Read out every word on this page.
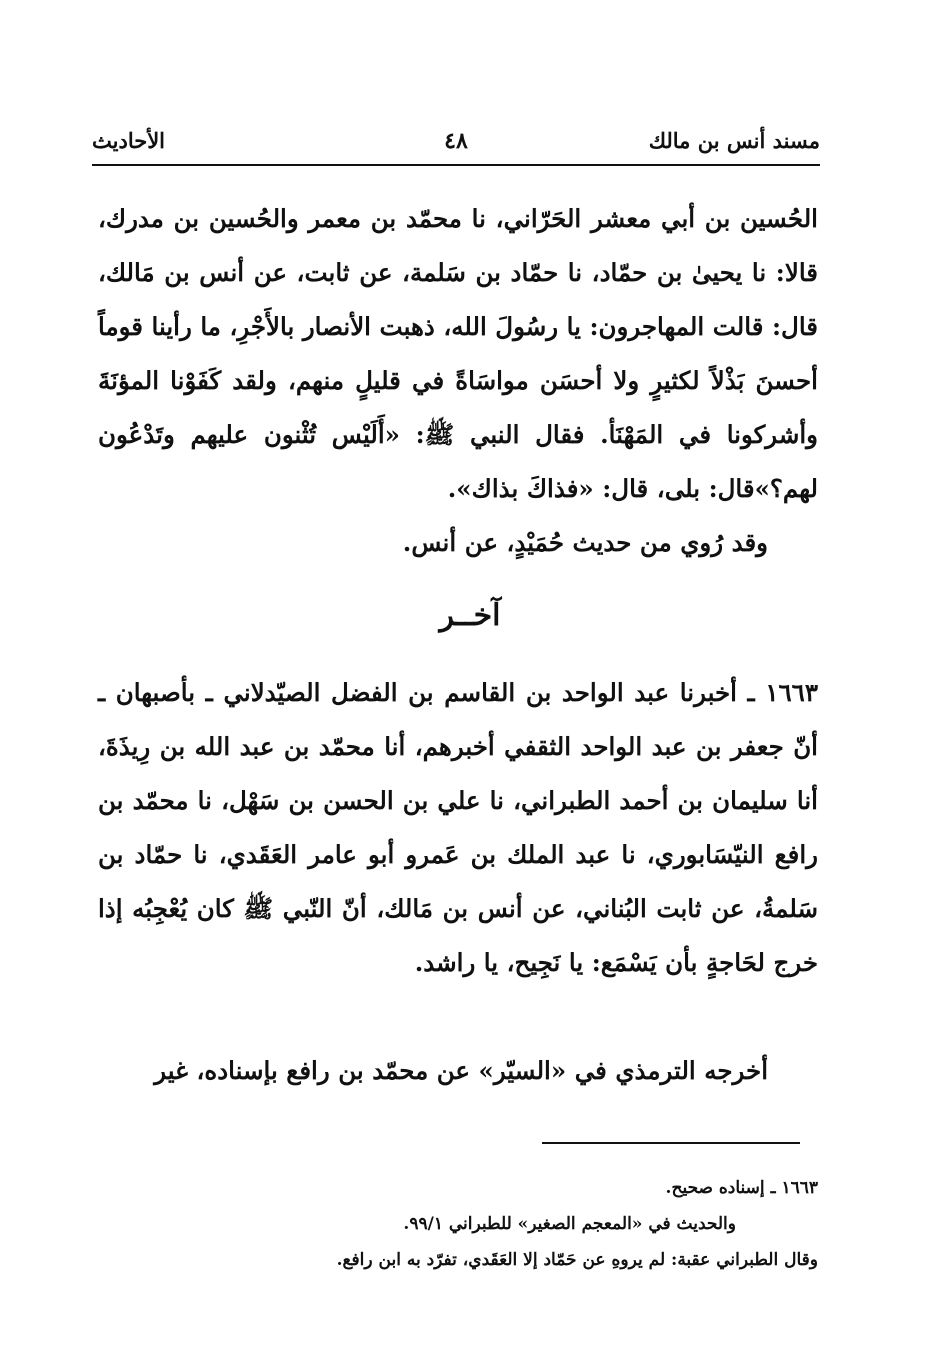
مسند أنس بن مالك
٤٨
الأحاديث

الحُسين بن أبي معشر الحَرّاني، نا محمّد بن معمر والحُسين بن مدرك، قالا: نا يحيىٰ بن حمّاد، نا حمّاد بن سَلمة، عن ثابت، عن أنس بن مَالك، قال: قالت المهاجرون: يا رسُولَ الله، ذهبت الأنصار بالأَجْرِ، ما رأينا قوماً أحسنَ بَذْلاً لكثيرٍ ولا أحسَن مواسَاةً في قليلٍ منهم، ولقد كَفَوْنا المؤنَةَ وأشركونا في المَهْنَأ. فقال النبي ﷺ: «أَلَيْس تُثْنون عليهم وتَدْعُون لهم؟»قال: بلى، قال: «فذاكَ بذاك».

وقد رُوي من حديث حُمَيْدٍ، عن أنس.

آخــر

١٦٦٣ ـ أخبرنا عبد الواحد بن القاسم بن الفضل الصيّدلاني ـ بأصبهان ـ أنّ جعفر بن عبد الواحد الثقفي أخبرهم، أنا محمّد بن عبد الله بن رِيذَةَ، أنا سليمان بن أحمد الطبراني، نا علي بن الحسن بن سَهْل، نا محمّد بن رافع النيّسَابوري، نا عبد الملك بن عَمرو أبو عامر العَقَدي، نا حمّاد بن سَلمةُ، عن ثابت البُناني، عن أنس بن مَالك، أنّ النّبي ﷺ كان يُعْجِبُه إذا خرج لحَاجةٍ بأن يَسْمَع: يا نَجِيح، يا راشد.

أخرجه الترمذي في «السيّر» عن محمّد بن رافع بإسناده، غير

١٦٦٣ ـ إسناده صحيح.
والحديث في «المعجم الصغير» للطبراني ٩٩/١.
وقال الطبراني عقبة: لم يروهِ عن حَمّاد إلا العَقَدي، تفرّد به ابن رافع.
